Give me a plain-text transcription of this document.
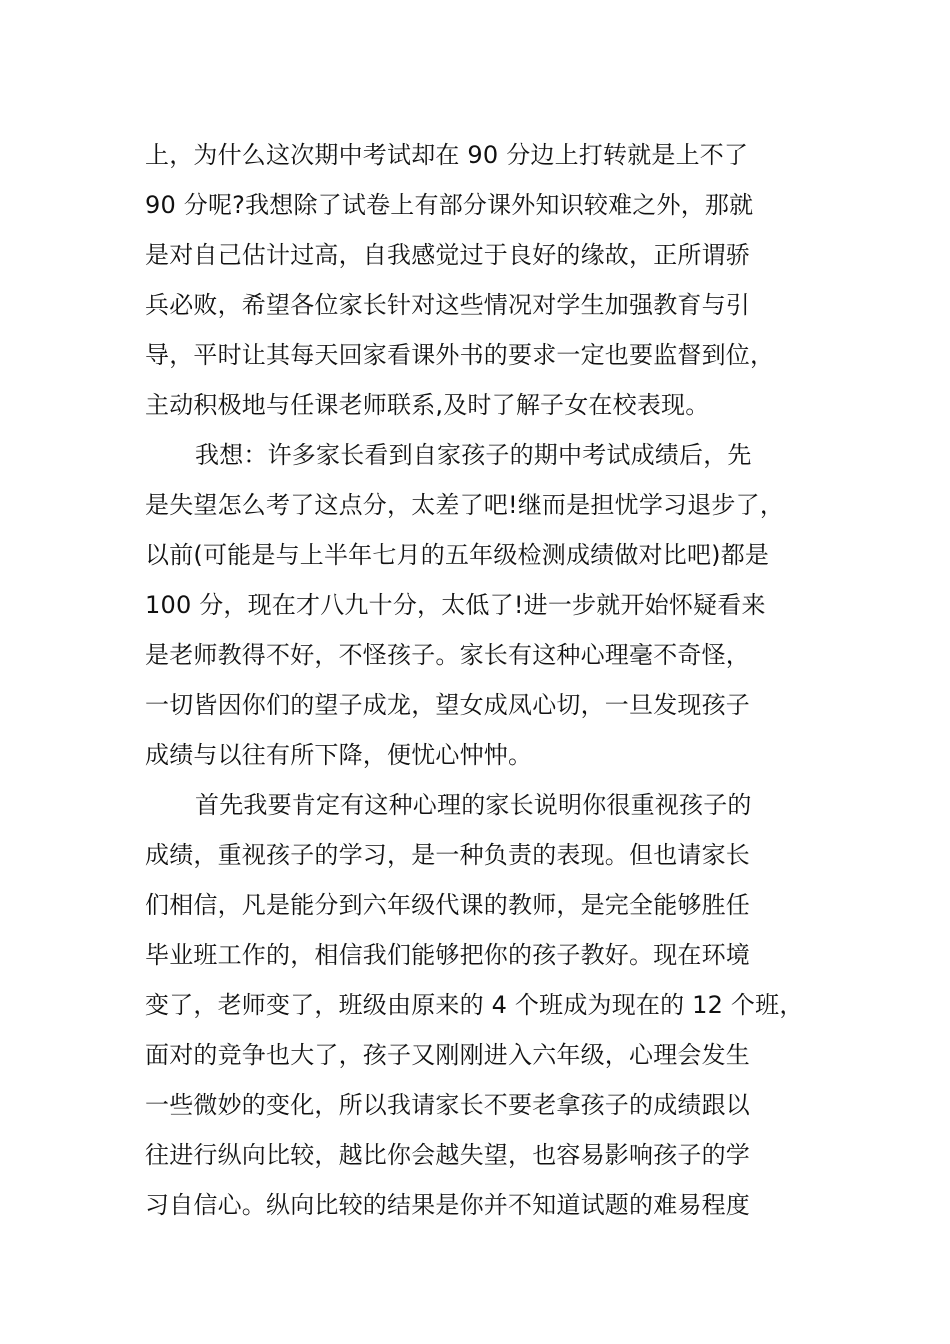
上，为什么这次期中考试却在 90 分边上打转就是上不了
90 分呢?我想除了试卷上有部分课外知识较难之外，那就
是对自己估计过高，自我感觉过于良好的缘故，正所谓骄
兵必败，希望各位家长针对这些情况对学生加强教育与引
导，平时让其每天回家看课外书的要求一定也要监督到位，
主动积极地与任课老师联系,及时了解子女在校表现。
我想：许多家长看到自家孩子的期中考试成绩后，先
是失望怎么考了这点分，太差了吧!继而是担忧学习退步了，
以前(可能是与上半年七月的五年级检测成绩做对比吧)都是
100 分，现在才八九十分，太低了!进一步就开始怀疑看来
是老师教得不好，不怪孩子。家长有这种心理毫不奇怪，
一切皆因你们的望子成龙，望女成凤心切，一旦发现孩子
成绩与以往有所下降，便忧心忡忡。
首先我要肯定有这种心理的家长说明你很重视孩子的
成绩，重视孩子的学习，是一种负责的表现。但也请家长
们相信，凡是能分到六年级代课的教师，是完全能够胜任
毕业班工作的，相信我们能够把你的孩子教好。现在环境
变了，老师变了，班级由原来的 4 个班成为现在的 12 个班，
面对的竞争也大了，孩子又刚刚进入六年级，心理会发生
一些微妙的变化，所以我请家长不要老拿孩子的成绩跟以
往进行纵向比较，越比你会越失望，也容易影响孩子的学
习自信心。纵向比较的结果是你并不知道试题的难易程度
